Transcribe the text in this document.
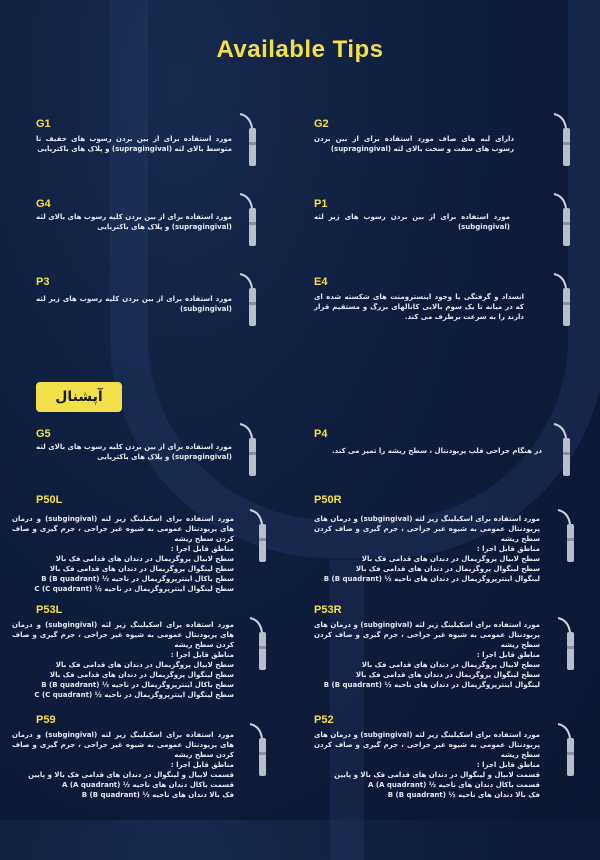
Available Tips
G1
مورد استفاده برای از بین بردن رسوب های خفیف تا متوسط بالای لثه (supragingival) و پلاک های باکتریایی
G2
دارای لبه های صاف مورد استفاده برای از بین بردن رسوب های سفت و سخت بالای لثه (supragingival)
G4
مورد استفاده برای از بین بردن کلیه رسوب های بالای لثه (supragingival) و پلاک های باکتریایی
P1
مورد استفاده برای از بین بردن رسوب های زیر لثه (subgingival)
P3
مورد استفاده برای از بین بردن کلیه رسوب های زیر لثه (subgingival)
E4
انسداد و گرفتگی یا وجود اینسترومنت های شکسته شده ای که در میانه تا یک سوم بالایی کانالهای بزرگ و مستقیم قرار دارند را به سرعت برطرف می کند.
آپشنال
G5
مورد استفاده برای از بین بردن کلیه رسوب های بالای لثه (supragingival) و پلاک های باکتریایی
P4
در هنگام جراحی فلپ پریودنتال ، سطح ریشه را تمیز می کند.
P50L
مورد استفاده برای اسکیلینگ زیر لثه (subgingival) و درمان های پریودنتال عمومی به شیوه غیر جراحی ، جرم گیری و صاف کردن سطح ریشه
مناطق قابل اجرا :
سطح لابیال پروگزیمال در دندان های قدامی فک بالا
سطح لینگوال پروگزیمال در دندان های قدامی فک بالا
سطح باکال اینترپروگزیمال در ناحیه ½ B (B quadrant)
سطح لینگوال اینترپروگزیمال در ناحیه ½ C (C quadrant)
P50R
مورد استفاده برای اسکیلینگ زیر لثه (subgingival) و درمان های پریودنتال عمومی به شیوه غیر جراحی ، جرم گیری و صاف کردن سطح ریشه
مناطق قابل اجرا :
سطح لابیال پروگزیمال در دندان های قدامی فک بالا
سطح لینگوال پروگزیمال در دندان های قدامی فک بالا
لینگوال اینترپروگزیمال در دندان های ناحیه ½ B (B quadrant)
P53L
مورد استفاده برای اسکیلینگ زیر لثه (subgingival) و درمان های پریودنتال عمومی به شیوه غیر جراحی ، جرم گیری و صاف کردن سطح ریشه
مناطق قابل اجرا :
سطح لابیال پروگزیمال در دندان های قدامی فک بالا
سطح لینگوال پروگزیمال در دندان های قدامی فک بالا
سطح باکال اینترپروگزیمال در ناحیه ½ B (B quadrant)
سطح لینگوال اینترپروگزیمال در ناحیه ½ C (C quadrant)
P53R
مورد استفاده برای اسکیلینگ زیر لثه (subgingival) و درمان های پریودنتال عمومی به شیوه غیر جراحی ، جرم گیری و صاف کردن سطح ریشه
مناطق قابل اجرا :
سطح لابیال پروگزیمال در دندان های قدامی فک بالا
سطح لینگوال پروگزیمال در دندان های قدامی فک بالا
لینگوال اینترپروگزیمال در دندان های ناحیه ½ B (B quadrant)
P59
مورد استفاده برای اسکیلینگ زیر لثه (subgingival) و درمان های پریودنتال عمومی به شیوه غیر جراحی ، جرم گیری و صاف کردن سطح ریشه
مناطق قابل اجرا :
قسمت لابیال و لینگوال در دندان های قدامی فک بالا و پایین
قسمت باکال دندان های ناحیه ½ A (A quadrant)
فک بالا دندان های ناحیه ½ B (B quadrant)
P52
مورد استفاده برای اسکیلینگ زیر لثه (subgingival) و درمان های پریودنتال عمومی به شیوه غیر جراحی ، جرم گیری و صاف کردن سطح ریشه
مناطق قابل اجرا :
قسمت لابیال و لینگوال در دندان های قدامی فک بالا و پایین
قسمت باکال دندان های ناحیه ½ A (A quadrant)
فک بالا دندان های ناحیه ½ B (B quadrant)
